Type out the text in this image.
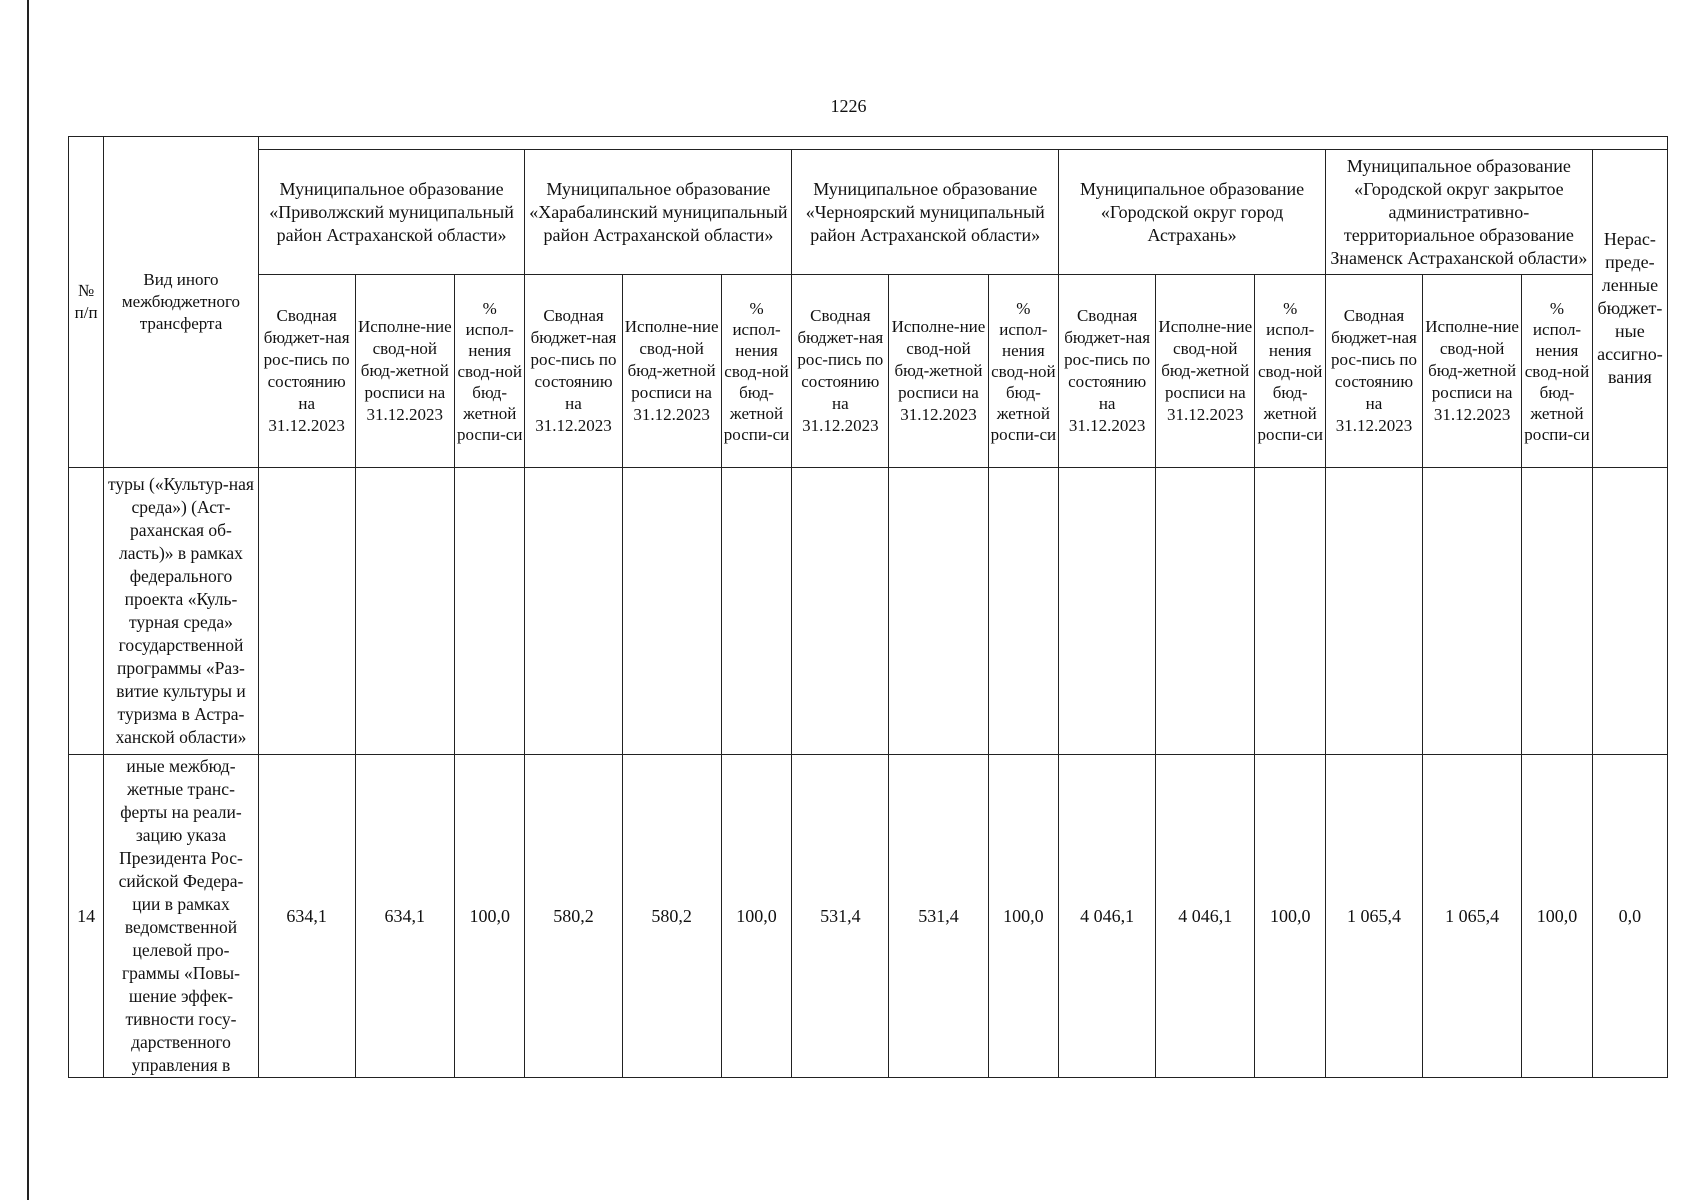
1226
№ п/п	Вид иного межбюджетного трансферта																
		Муниципальное образование «Приволжский муниципальный район Астраханской области»			Муниципальное образование «Харабалинский муниципальный район Астраханской области»			Муниципальное образование «Черноярский муниципальный район Астраханской области»			Муниципальное образование «Городской округ город Астрахань»			Муниципальное образование «Городской округ закрытое административно-территориальное образование Знаменск Астраханской области»			Нерас-преде-ленные бюджет-ные ассигно-вания
		Сводная бюджет-ная рос-пись по состоянию на 31.12.2023	Исполне-ние свод-ной бюд-жетной росписи на 31.12.2023	% испол-нения свод-ной бюд-жетной роспи-си	Сводная бюджет-ная рос-пись по состоянию на 31.12.2023	Исполне-ние свод-ной бюд-жетной росписи на 31.12.2023	% испол-нения свод-ной бюд-жетной роспи-си	Сводная бюджет-ная рос-пись по состоянию на 31.12.2023	Исполне-ние свод-ной бюд-жетной росписи на 31.12.2023	% испол-нения свод-ной бюд-жетной роспи-си	Сводная бюджет-ная рос-пись по состоянию на 31.12.2023	Исполне-ние свод-ной бюд-жетной росписи на 31.12.2023	% испол-нения свод-ной бюд-жетной роспи-си	Сводная бюджет-ная рос-пись по состоянию на 31.12.2023	Исполне-ние свод-ной бюд-жетной росписи на 31.12.2023	% испол-нения свод-ной бюд-жетной роспи-си	
	туры («Культур-ная среда») (Аст-раханская об-ласть)» в рамках федерального проекта «Куль-турная среда» государственной программы «Раз-витие культуры и туризма в Астра-ханской области»																
14	иные межбюд-жетные транс-ферты на реали-зацию указа Президента Рос-сийской Федера-ции в рамках ведомственной целевой про-граммы «Повы-шение эффек-тивности госу-дарственного управления в	634,1	634,1	100,0	580,2	580,2	100,0	531,4	531,4	100,0	4 046,1	4 046,1	100,0	1 065,4	1 065,4	100,0	0,0
